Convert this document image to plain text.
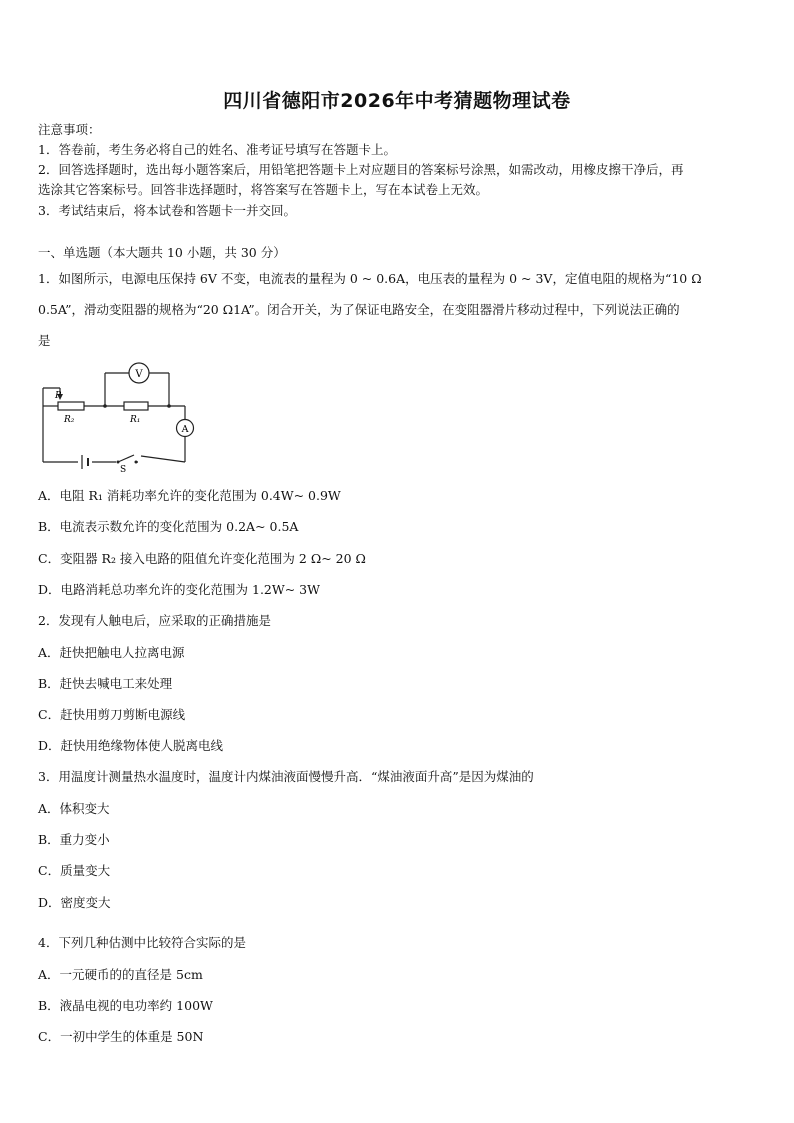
四川省德阳市2026年中考猜题物理试卷
注意事项：
1．答卷前，考生务必将自己的姓名、准考证号填写在答题卡上。
2．回答选择题时，选出每小题答案后，用铅笔把答题卡上对应题目的答案标号涂黑，如需改动，用橡皮擦干净后，再
选涂其它答案标号。回答非选择题时，将答案写在答题卡上，写在本试卷上无效。
3．考试结束后，将本试卷和答题卡一并交回。
一、单选题（本大题共 10 小题，共 30 分）
1．如图所示，电源电压保持 6V 不变，电流表的量程为 0 ~ 0.6A，电压表的量程为 0 ~ 3V，定值电阻的规格为“10 Ω
0.5A”，滑动变阻器的规格为“20 Ω1A”。闭合开关，为了保证电路安全，在变阻器滑片移动过程中，下列说法正确的
是
V
A
P
R₂	R₁
S
A．电阻 R₁ 消耗功率允许的变化范围为 0.4W~ 0.9W
B．电流表示数允许的变化范围为 0.2A~ 0.5A
C．变阻器 R₂ 接入电路的阻值允许变化范围为 2 Ω~ 20 Ω
D．电路消耗总功率允许的变化范围为 1.2W~ 3W
2．发现有人触电后，应采取的正确措施是
A．赶快把触电人拉离电源
B．赶快去喊电工来处理
C．赶快用剪刀剪断电源线
D．赶快用绝缘物体使人脱离电线
3．用温度计测量热水温度时，温度计内煤油液面慢慢升高．“煤油液面升高”是因为煤油的
A．体积变大
B．重力变小
C．质量变大
D．密度变大
4．下列几种估测中比较符合实际的是
A．一元硬币的的直径是 5cm
B．液晶电视的电功率约 100W
C．一初中学生的体重是 50N
